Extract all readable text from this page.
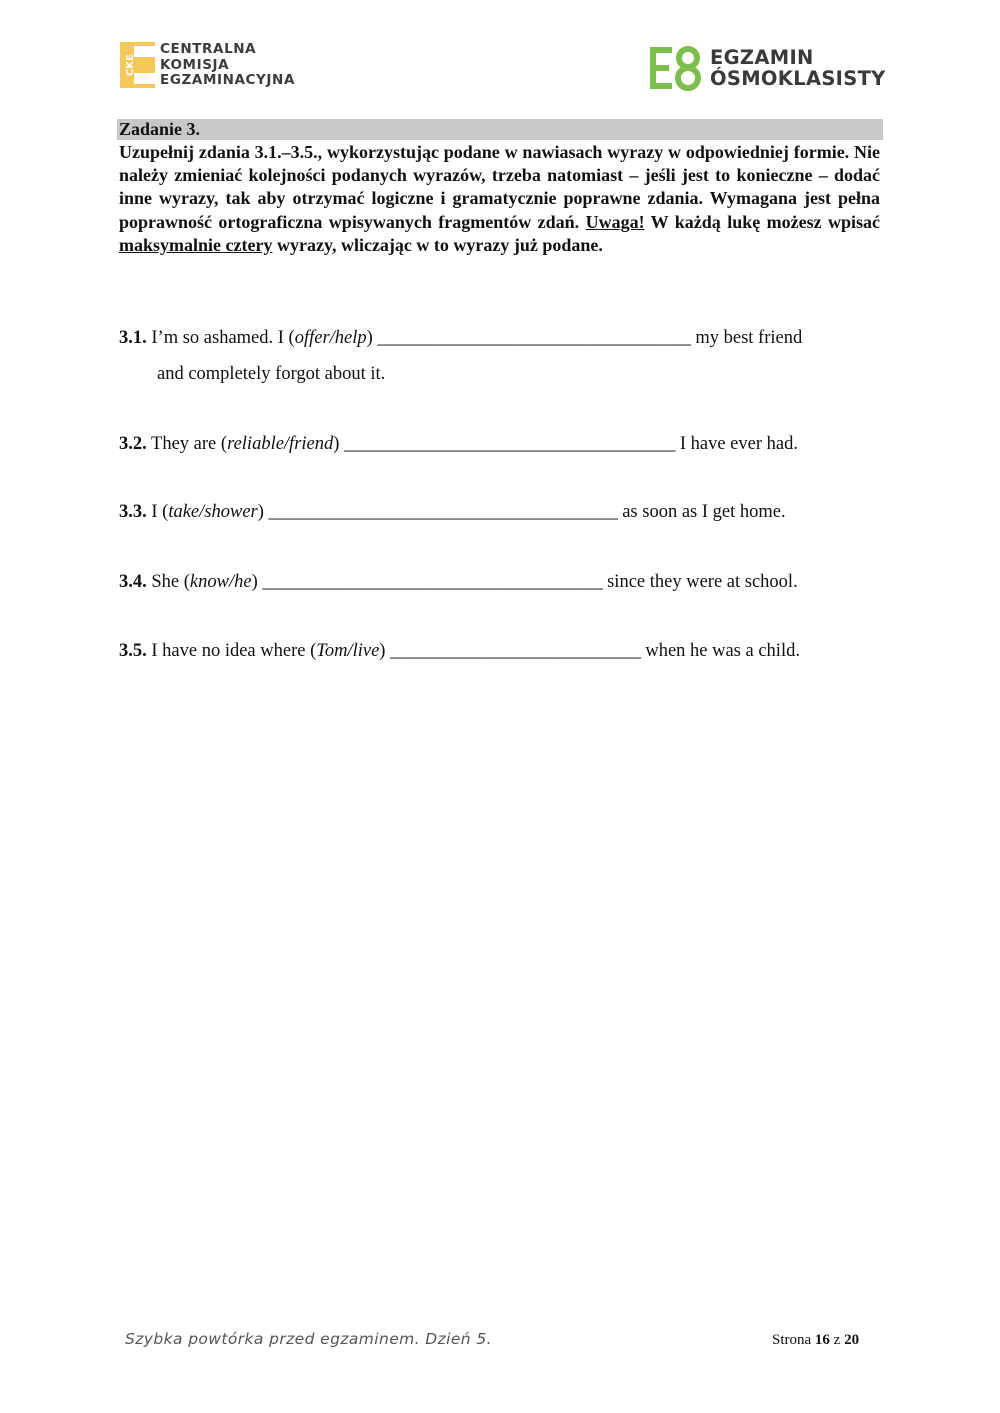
CKE
CENTRALNA
KOMISJA
EGZAMINACYJNA
EGZAMIN
ÓSMOKLASISTY
Zadanie 3.
Uzupełnij zdania 3.1.–3.5., wykorzystując podane w nawiasach wyrazy w odpowiedniej formie. Nie należy zmieniać kolejności podanych wyrazów, trzeba natomiast – jeśli jest to konieczne – dodać inne wyrazy, tak aby otrzymać logiczne i gramatycznie poprawne zdania. Wymagana jest pełna poprawność ortograficzna wpisywanych fragmentów zdań. Uwaga! W każdą lukę możesz wpisać maksymalnie cztery wyrazy, wliczając w to wyrazy już podane.
3.1. I’m so ashamed. I (offer/help) ___________________________________ my best friend
and completely forgot about it.
3.2. They are (reliable/friend) _____________________________________ I have ever had.
3.3. I (take/shower) _______________________________________ as soon as I get home.
3.4. She (know/he) ______________________________________ since they were at school.
3.5. I have no idea where (Tom/live) ____________________________ when he was a child.
Szybka powtórka przed egzaminem. Dzień 5.	Strona 16 z 20
